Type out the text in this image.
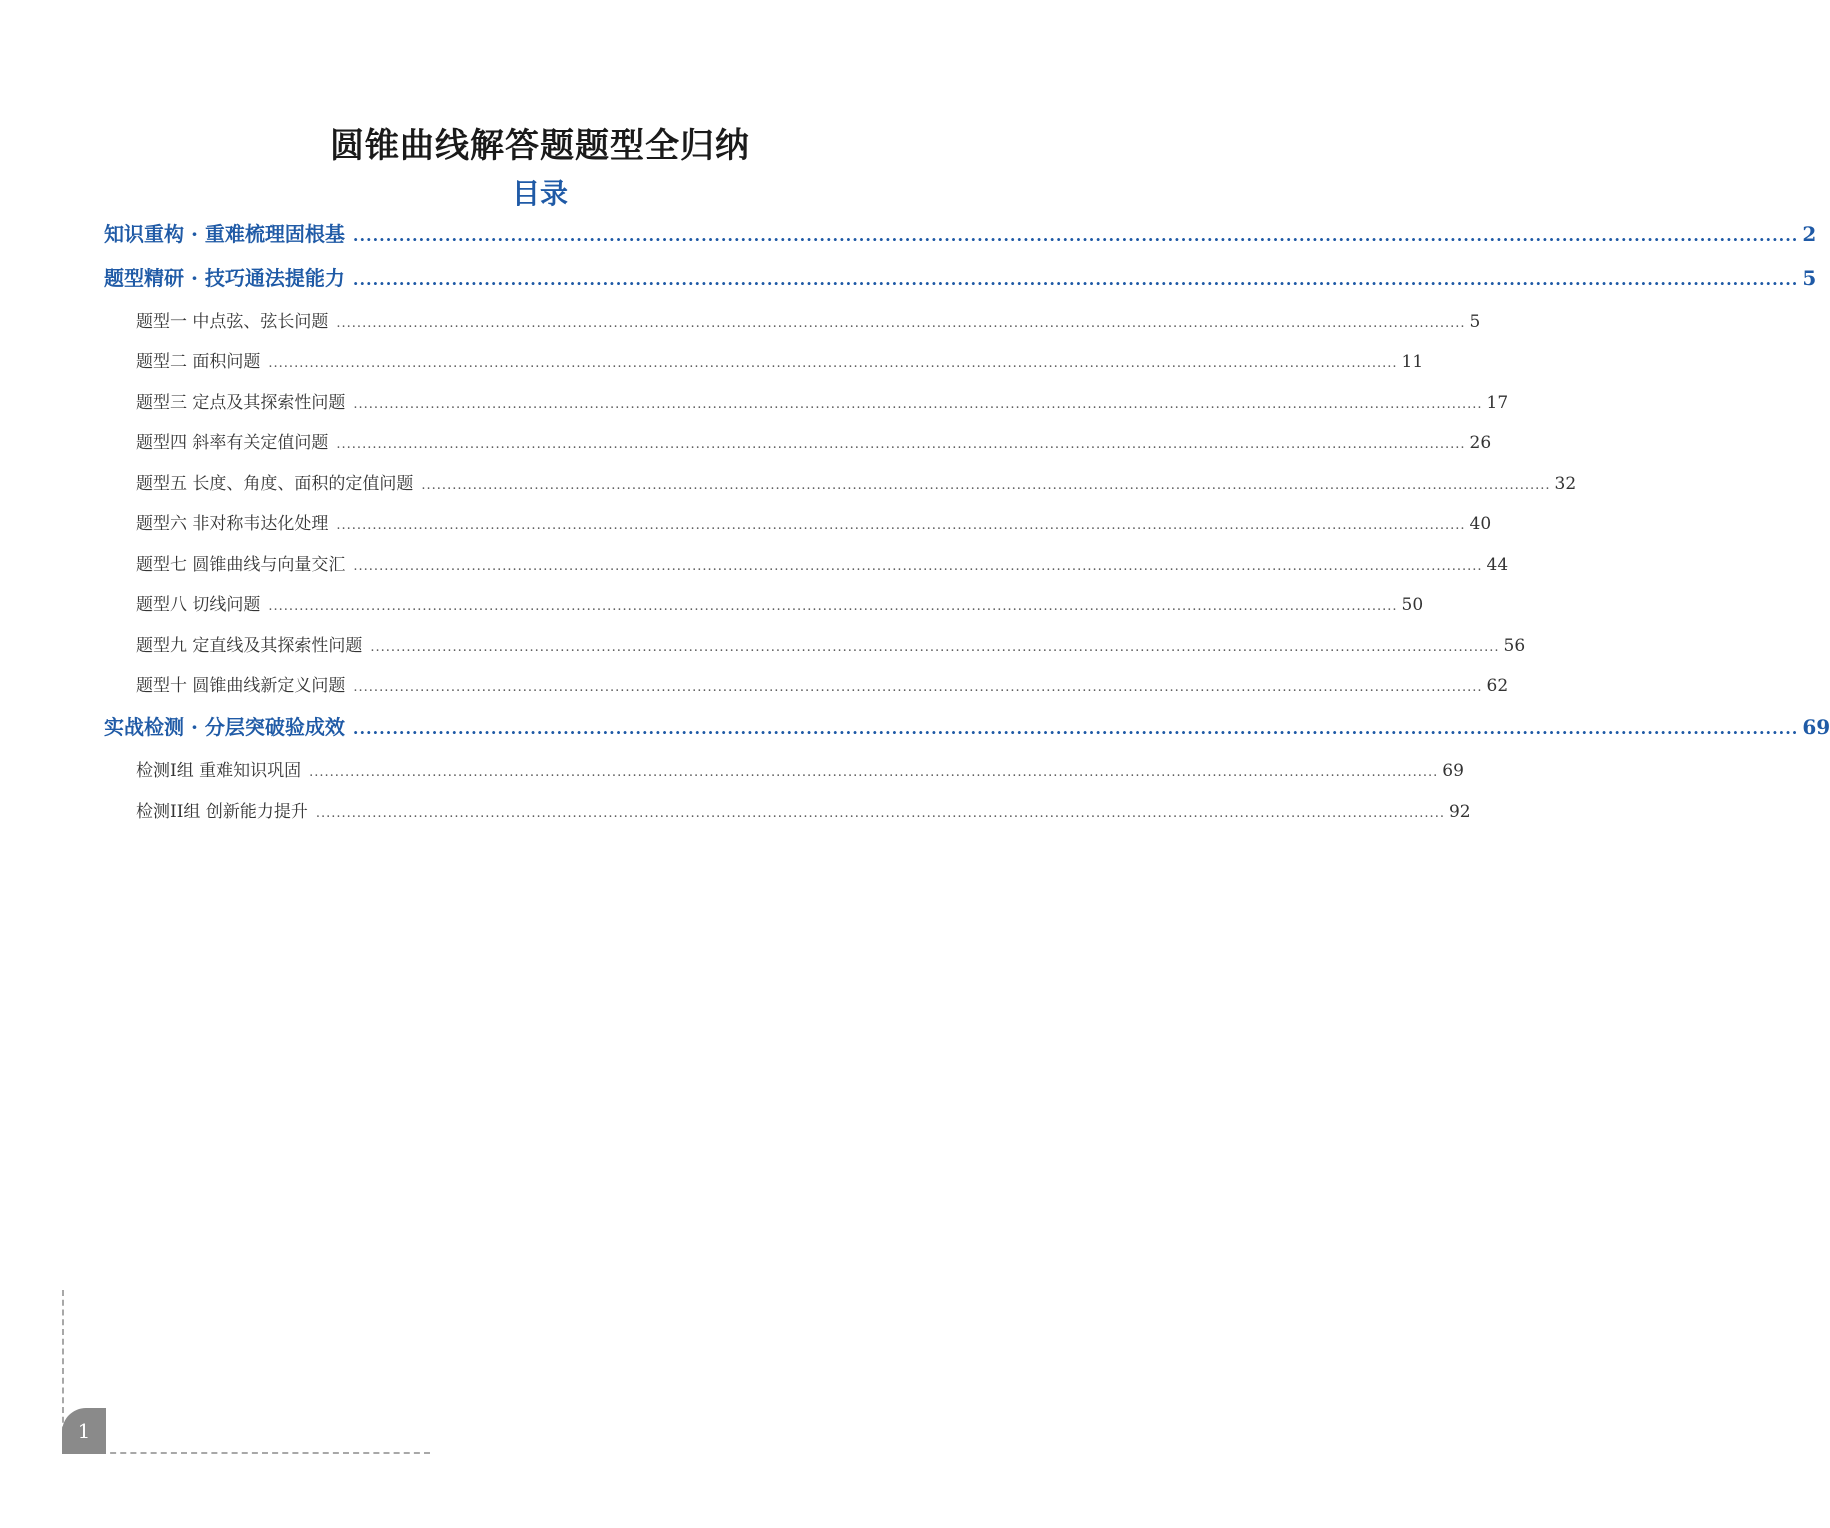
圆锥曲线解答题题型全归纳
目录
知识重构 · 重难梳理固根基 ............................................................................................................................................................................................................................ 2
题型精研 · 技巧通法提能力 ............................................................................................................................................................................................................................ 5
题型一 中点弦、弦长问题 ............................................................................................................................................................................................................................ 5
题型二 面积问题 ............................................................................................................................................................................................................................ 11
题型三 定点及其探索性问题 ............................................................................................................................................................................................................................ 17
题型四 斜率有关定值问题 ............................................................................................................................................................................................................................ 26
题型五 长度、角度、面积的定值问题 ............................................................................................................................................................................................................................ 32
题型六 非对称韦达化处理 ............................................................................................................................................................................................................................ 40
题型七 圆锥曲线与向量交汇 ............................................................................................................................................................................................................................ 44
题型八 切线问题 ............................................................................................................................................................................................................................ 50
题型九 定直线及其探索性问题 ............................................................................................................................................................................................................................ 56
题型十 圆锥曲线新定义问题 ............................................................................................................................................................................................................................ 62
实战检测 · 分层突破验成效 ............................................................................................................................................................................................................................ 69
检测I组 重难知识巩固 ............................................................................................................................................................................................................................ 69
检测II组 创新能力提升 ............................................................................................................................................................................................................................ 92
1
